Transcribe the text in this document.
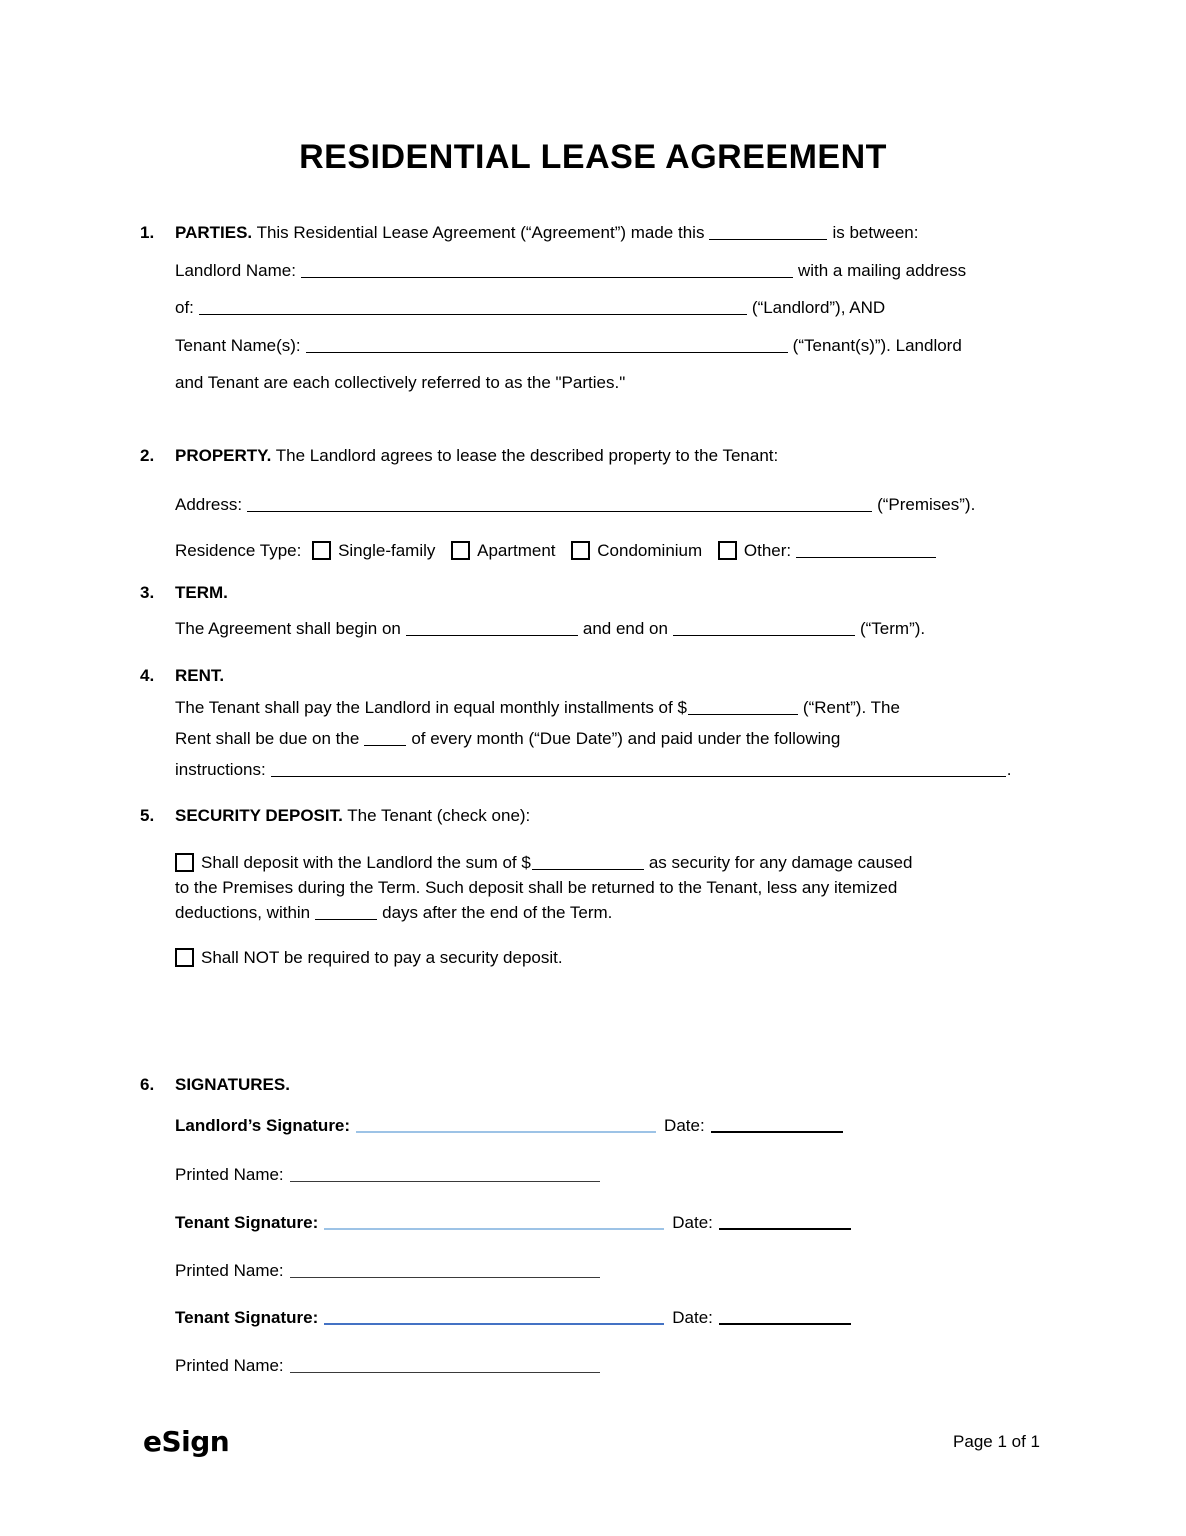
RESIDENTIAL LEASE AGREEMENT
1. PARTIES. This Residential Lease Agreement (“Agreement”) made this	is between:
Landlord Name:	with a mailing address
of:	(“Landlord”), AND
Tenant Name(s):	(“Tenant(s)”). Landlord
and Tenant are each collectively referred to as the "Parties."
2. PROPERTY. The Landlord agrees to lease the described property to the Tenant:
Address:	(“Premises”).
Residence Type: Single-family Apartment Condominium Other:
3. TERM.
The Agreement shall begin on	and end on	(“Term”).
4. RENT.
The Tenant shall pay the Landlord in equal monthly installments of $	(“Rent”). The
Rent shall be due on the	of every month (“Due Date”) and paid under the following
instructions:	.
5. SECURITY DEPOSIT. The Tenant (check one):
Shall deposit with the Landlord the sum of $	as security for any damage caused
to the Premises during the Term. Such deposit shall be returned to the Tenant, less any itemized
deductions, within	days after the end of the Term.
Shall NOT be required to pay a security deposit.
6. SIGNATURES.
Landlord’s Signature:	Date:
Printed Name:
Tenant Signature:	Date:
Printed Name:
Tenant Signature:	Date:
Printed Name:
eSign	Page 1 of 1
